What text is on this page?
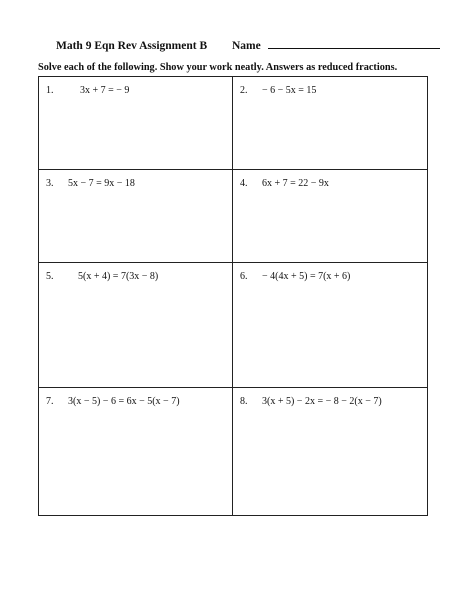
Math 9 Eqn Rev Assignment B Name
Solve each of the following. Show your work neatly. Answers as reduced fractions.
1.	3x + 7 = − 9	2. − 6 − 5x = 15
3. 5x − 7 = 9x − 18	4. 6x + 7 = 22 − 9x
5. 5(x + 4) = 7(3x − 8)	6. − 4(4x + 5) = 7(x + 6)
7. 3(x − 5) − 6 = 6x − 5(x − 7)	8. 3(x + 5) − 2x = − 8 − 2(x − 7)
